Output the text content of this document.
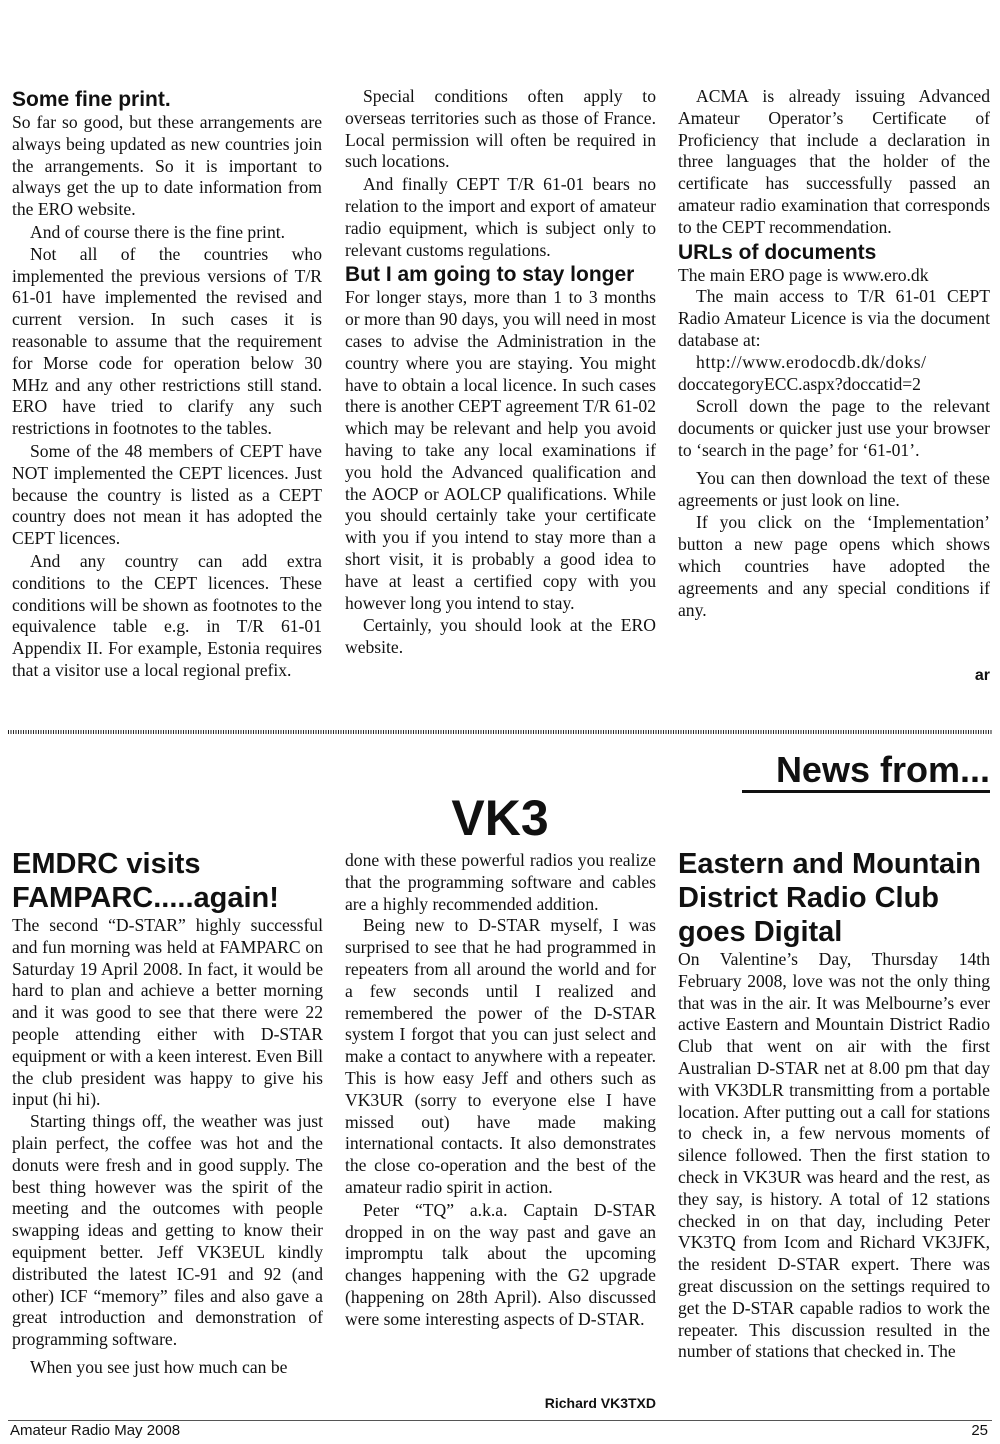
Some fine print.

So far so good, but these arrangements are always being updated as new countries join the arrangements. So it is important to always get the up to date information from the ERO website.

And of course there is the fine print.

Not all of the countries who implemented the previous versions of T/R 61-01 have implemented the revised and current version. In such cases it is reasonable to assume that the requirement for Morse code for operation below 30 MHz and any other restrictions still stand. ERO have tried to clarify any such restrictions in footnotes to the tables.

Some of the 48 members of CEPT have NOT implemented the CEPT licences. Just because the country is listed as a CEPT country does not mean it has adopted the CEPT licences.

And any country can add extra conditions to the CEPT licences. These conditions will be shown as footnotes to the equivalence table e.g. in T/R 61-01 Appendix II. For example, Estonia requires that a visitor use a local regional prefix.

Special conditions often apply to overseas territories such as those of France. Local permission will often be required in such locations.

And finally CEPT T/R 61-01 bears no relation to the import and export of amateur radio equipment, which is subject only to relevant customs regulations.

But I am going to stay longer

For longer stays, more than 1 to 3 months or more than 90 days, you will need in most cases to advise the Administration in the country where you are staying. You might have to obtain a local licence. In such cases there is another CEPT agreement T/R 61-02 which may be relevant and help you avoid having to take any local examinations if you hold the Advanced qualification and the AOCP or AOLCP qualifications. While you should certainly take your certificate with you if you intend to stay more than a short visit, it is probably a good idea to have at least a certified copy with you however long you intend to stay.

Certainly, you should look at the ERO website.

ACMA is already issuing Advanced Amateur Operator’s Certificate of Proficiency that include a declaration in three languages that the holder of the certificate has successfully passed an amateur radio examination that corresponds to the CEPT recommendation.

URLs of documents

The main ERO page is www.ero.dk

The main access to T/R 61-01 CEPT Radio Amateur Licence is via the document database at:

http://www.erodocdb.dk/doks/

doccategoryECC.aspx?doccatid=2

Scroll down the page to the relevant documents or quicker just use your browser to ‘search in the page’ for ‘61-01’.

You can then download the text of these agreements or just look on line.

If you click on the ‘Implementation’ button a new page opens which shows which countries have adopted the agreements and any special conditions if any.

ar
News from...
VK3
EMDRC visits FAMPARC.....again!

The second “D-STAR” highly successful and fun morning was held at FAMPARC on Saturday 19 April 2008. In fact, it would be hard to plan and achieve a better morning and it was good to see that there were 22 people attending either with D-STAR equipment or with a keen interest. Even Bill the club president was happy to give his input (hi hi).

Starting things off, the weather was just plain perfect, the coffee was hot and the donuts were fresh and in good supply. The best thing however was the spirit of the meeting and the outcomes with people swapping ideas and getting to know their equipment better. Jeff VK3EUL kindly distributed the latest IC-91 and 92 (and other) ICF “memory” files and also gave a great introduction and demonstration of programming software.

When you see just how much can be

done with these powerful radios you realize that the programming software and cables are a highly recommended addition.

Being new to D-STAR myself, I was surprised to see that he had programmed in repeaters from all around the world and for a few seconds until I realized and remembered the power of the D-STAR system I forgot that you can just select and make a contact to anywhere with a repeater. This is how easy Jeff and others such as VK3UR (sorry to everyone else I have missed out) have made making international contacts. It also demonstrates the close co-operation and the best of the amateur radio spirit in action.

Peter “TQ” a.k.a. Captain D-STAR dropped in on the way past and gave an impromptu talk about the upcoming changes happening with the G2 upgrade (happening on 28th April). Also discussed were some interesting aspects of D-STAR.

Richard VK3TXD
Eastern and Mountain District Radio Club goes Digital

On Valentine’s Day, Thursday 14th February 2008, love was not the only thing that was in the air. It was Melbourne’s ever active Eastern and Mountain District Radio Club that went on air with the first Australian D-STAR net at 8.00 pm that day with VK3DLR transmitting from a portable location. After putting out a call for stations to check in, a few nervous moments of silence followed. Then the first station to check in VK3UR was heard and the rest, as they say, is history. A total of 12 stations checked in on that day, including Peter VK3TQ from Icom and Richard VK3JFK, the resident D-STAR expert. There was great discussion on the settings required to get the D-STAR capable radios to work the repeater. This discussion resulted in the number of stations that checked in. The

Amateur Radio May 2008	25
